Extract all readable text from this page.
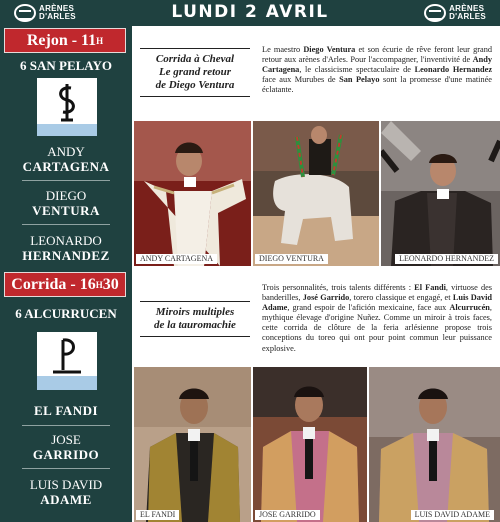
ARÈNES
D'ARLES	LUNDI 2 AVRIL	ARÈNES
D'ARLES
Rejon - 11 H
6 SAN PELAYO
ANDY
CARTAGENA
DIEGO
VENTURA
LEONARDO
HERNANDEZ
Corrida - 16 H 30
6 ALCURRUCEN
EL FANDI
JOSE
GARRIDO
LUIS DAVID
ADAME
Corrida à Cheval
Le grand retour
de Diego Ventura
Le maestro Diego Ventura et son écurie de rêve feront leur grand retour aux arènes d'Arles. Pour l'accompagner, l'inventivité de Andy Cartagena, le classicisme spectaculaire de Leonardo Hernandez face aux Murubes de San Pelayo sont la promesse d'une matinée éclatante.
ANDY CARTAGENA	DIEGO VENTURA	LEONARDO HERNANDEZ
Miroirs multiples
de la tauromachie
Trois personnalités, trois talents différents : El Fandi, virtuose des banderilles, José Garrido, torero classique et engagé, et Luis David Adame, grand espoir de l'afición mexicaine, face aux Alcurrucén, mythique élevage d'origine Nuñez. Comme un miroir à trois faces, cette corrida de clôture de la feria arlésienne propose trois conceptions du toreo qui ont pour point commun leur puissance explosive.
EL FANDI	JOSE GARRIDO	LUIS DAVID ADAME
